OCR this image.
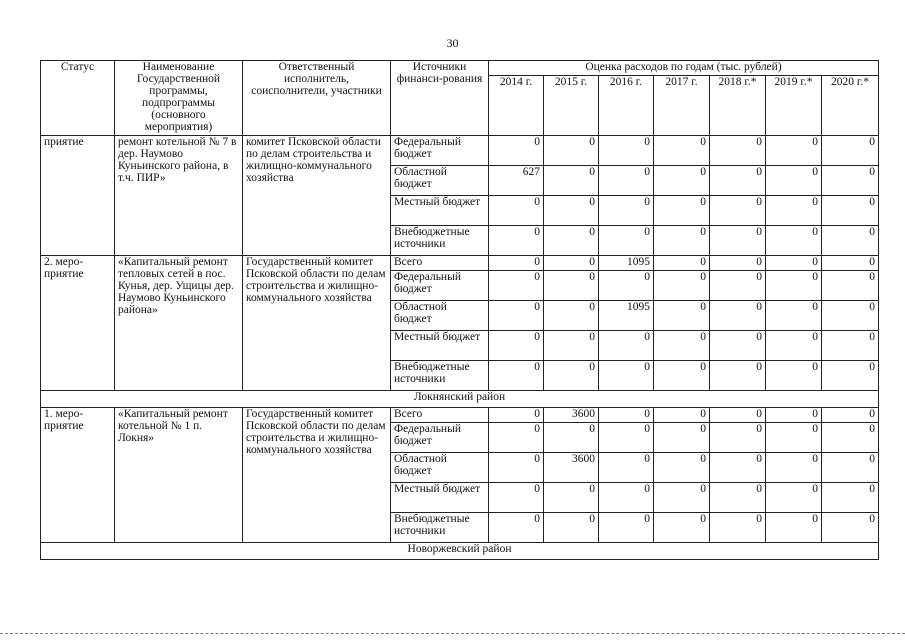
30
Статус	Наименование Государственной программы, подпрограммы (основного мероприятия)	Ответственный исполнитель, соисполнители, участники	Источники финанси-рования	Оценка расходов по годам (тыс. рублей)						
				2014 г.	2015 г.	2016 г.	2017 г.	2018 г.*	2019 г.*	2020 г.*
приятие	ремонт котельной № 7 в дер. Наумово Куньинского района, в т.ч. ПИР»	комитет Псковской области по делам строительства и жилищно-коммунального хозяйства	Федеральный бюджет	0	0	0	0	0	0	0
			Областной бюджет	627	0	0	0	0	0	0
			Местный бюджет	0	0	0	0	0	0	0
			Внебюджетные источники	0	0	0	0	0	0	0
2. меро-приятие	«Капитальный ремонт тепловых сетей в пос. Кунья, дер. Ущицы дер. Наумово Куньинского района»	Государственный комитет Псковской области по делам строительства и жилищно-коммунального хозяйства	Всего	0	0	1095	0	0	0	0
			Федеральный бюджет	0	0	0	0	0	0	0
			Областной бюджет	0	0	1095	0	0	0	0
			Местный бюджет	0	0	0	0	0	0	0
			Внебюджетные источники	0	0	0	0	0	0	0
Локнянский район										
1. меро-приятие	«Капитальный ремонт котельной № 1 п. Локня»	Государственный комитет Псковской области по делам строительства и жилищно-коммунального хозяйства	Всего	0	3600	0	0	0	0	0
			Федеральный бюджет	0	0	0	0	0	0	0
			Областной бюджет	0	3600	0	0	0	0	0
			Местный бюджет	0	0	0	0	0	0	0
			Внебюджетные источники	0	0	0	0	0	0	0
Новоржевский район										
